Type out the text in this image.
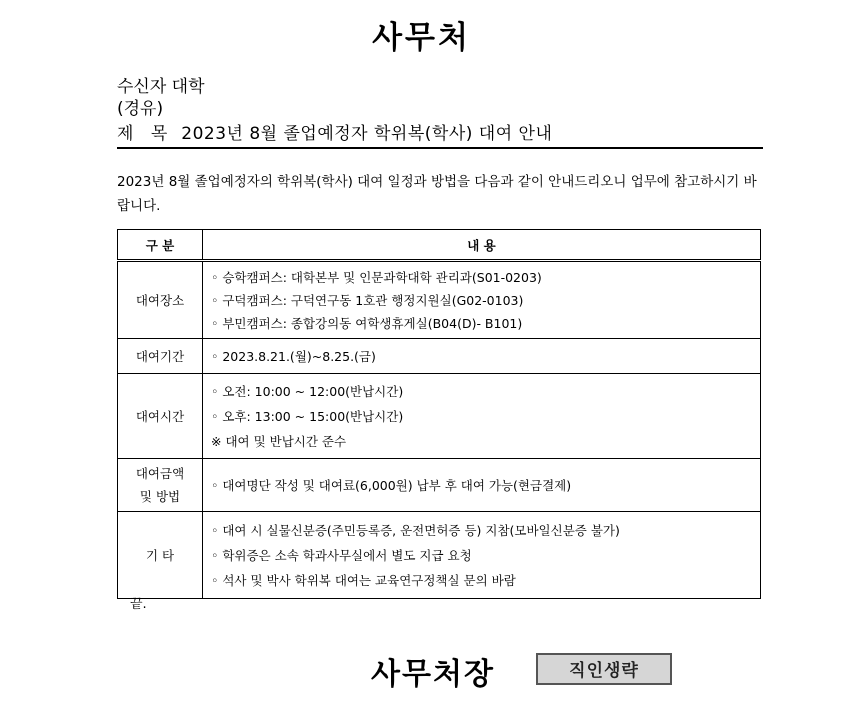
사무처
수신자 대학
(경유)
제 목 2023년 8월 졸업예정자 학위복(학사) 대여 안내
2023년 8월 졸업예정자의 학위복(학사) 대여 일정과 방법을 다음과 같이 안내드리오니 업무에 참고하시기 바랍니다.
구 분	내 용
대여장소	◦ 승학캠퍼스: 대학본부 및 인문과학대학 관리과(S01-0203)
◦ 구덕캠퍼스: 구덕연구동 1호관 행정지원실(G02-0103)
◦ 부민캠퍼스: 종합강의동 여학생휴게실(B04(D)- B101)

대여기간	◦ 2023.8.21.(월)~8.25.(금)

대여시간	◦ 오전: 10:00 ~ 12:00(반납시간)
◦ 오후: 13:00 ~ 15:00(반납시간)
※ 대여 및 반납시간 준수

대여금액
및 방법	◦ 대여명단 작성 및 대여료(6,000원) 납부 후 대여 가능(현금결제)

기 타	◦ 대여 시 실물신분증(주민등록증, 운전면허증 등) 지참(모바일신분증 불가)
◦ 학위증은 소속 학과사무실에서 별도 지급 요청
◦ 석사 및 박사 학위복 대여는 교육연구정책실 문의 바람
끝.
사무처장	직인생략
